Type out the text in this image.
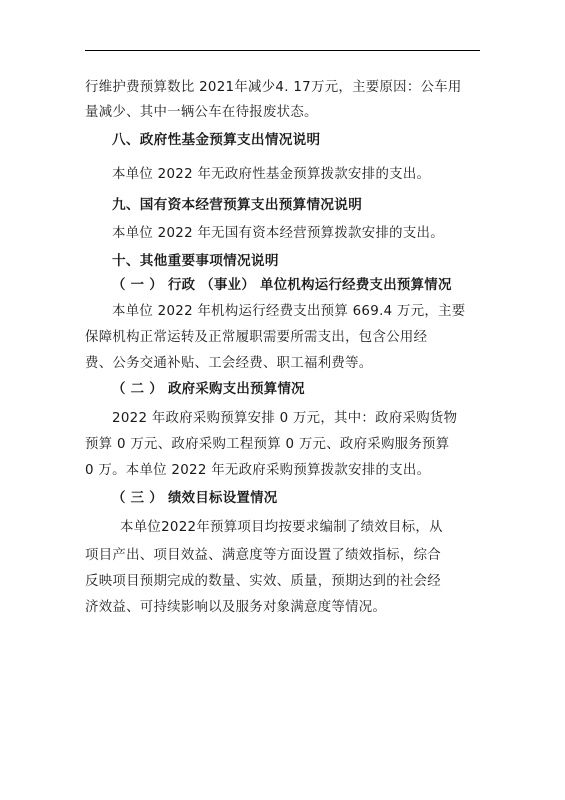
行维护费预算数比 2021年减少4. 17万元，主要原因：公车用
量减少、其中一辆公车在待报废状态。
八、政府性基金预算支出情况说明
本单位 2022 年无政府性基金预算拨款安排的支出。
九、国有资本经营预算支出预算情况说明
本单位 2022 年无国有资本经营预算拨款安排的支出。
十、其他重要事项情况说明
（ 一 ） 行政 （事业） 单位机构运行经费支出预算情况
本单位 2022 年机构运行经费支出预算 669.4 万元，主要
保障机构正常运转及正常履职需要所需支出，包含公用经
费、公务交通补贴、工会经费、职工福利费等。
（ 二 ） 政府采购支出预算情况
2022 年政府采购预算安排 0 万元，其中：政府采购货物
预算 0 万元、政府采购工程预算 0 万元、政府采购服务预算
0 万。本单位 2022 年无政府采购预算拨款安排的支出。
（ 三 ） 绩效目标设置情况
本单位2022年预算项目均按要求编制了绩效目标，从
项目产出、项目效益、满意度等方面设置了绩效指标，综合
反映项目预期完成的数量、实效、质量，预期达到的社会经
济效益、可持续影响以及服务对象满意度等情况。
